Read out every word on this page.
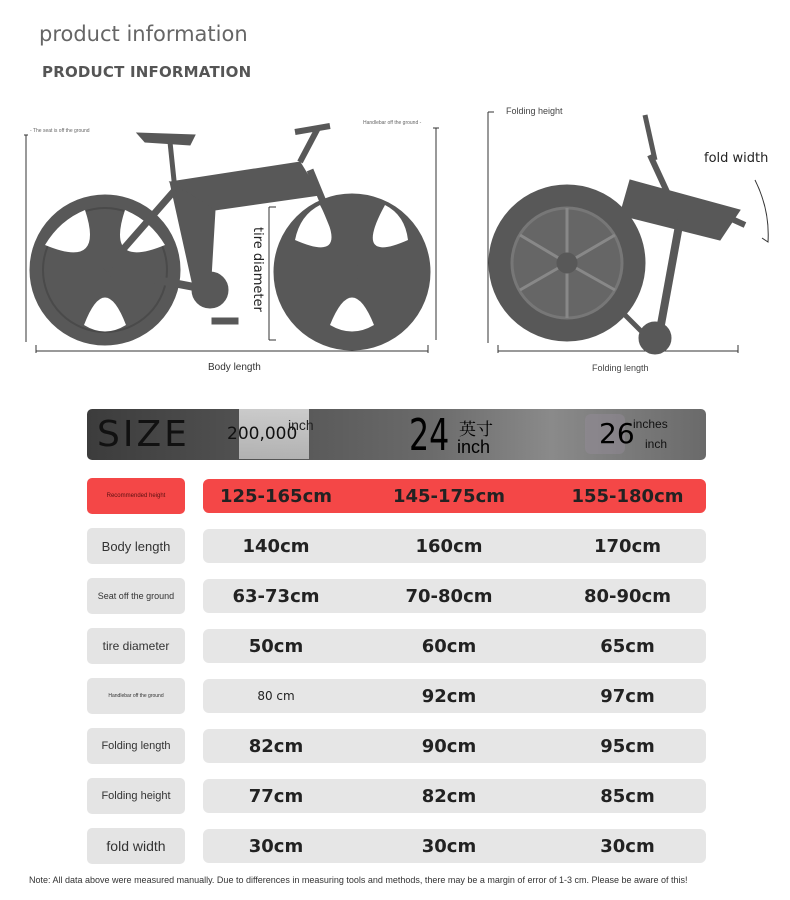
product information
PRODUCT INFORMATION
- The seat is off the ground
Handlebar off the ground -
tire diameter
Body length
Folding height
fold width
Folding length
SIZE 200,000
inch 24 英寸
inch	26
inches
inch
Recommended height	125-165cm	145-175cm	155-180cm
Body length	140cm	160cm	170cm
Seat off the ground	63-73cm	70-80cm	80-90cm
tire diameter	50cm	60cm	65cm
Handlebar off the ground	80 cm	92cm	97cm
Folding length	82cm	90cm	95cm
Folding height	77cm	82cm	85cm
fold width	30cm	30cm	30cm
Note: All data above were measured manually. Due to differences in measuring tools and methods, there may be a margin of error of 1-3 cm. Please be aware of this!
